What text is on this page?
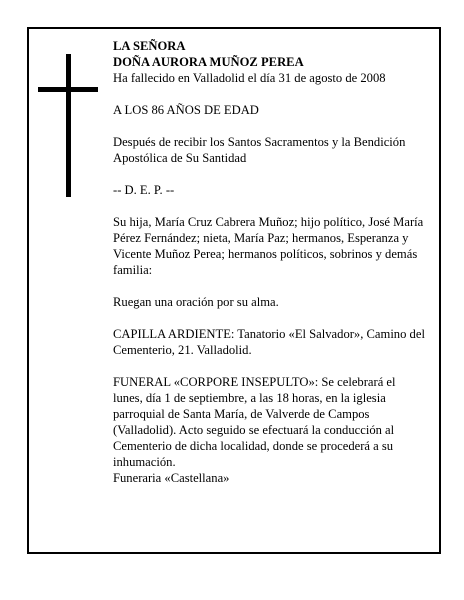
LA SEÑORA

DOÑA AURORA MUÑOZ PEREA

Ha fallecido en Valladolid el día 31 de agosto de 2008

A LOS 86 AÑOS DE EDAD

Después de recibir los Santos Sacramentos y la Bendición Apostólica de Su Santidad

-- D. E. P. --

Su hija, María Cruz Cabrera Muñoz; hijo político, José María Pérez Fernández; nieta, María Paz; hermanos, Esperanza y Vicente Muñoz Perea; hermanos políticos, sobrinos y demás familia:

Ruegan una oración por su alma.

CAPILLA ARDIENTE: Tanatorio «El Salvador», Camino del Cementerio, 21. Valladolid.

FUNERAL «CORPORE INSEPULTO»: Se celebrará el lunes, día 1 de septiembre, a las 18 horas, en la iglesia parroquial de Santa María, de Valverde de Campos (Valladolid). Acto seguido se efectuará la conducción al Cementerio de dicha localidad, donde se procederá a su inhumación.

Funeraria «Castellana»
